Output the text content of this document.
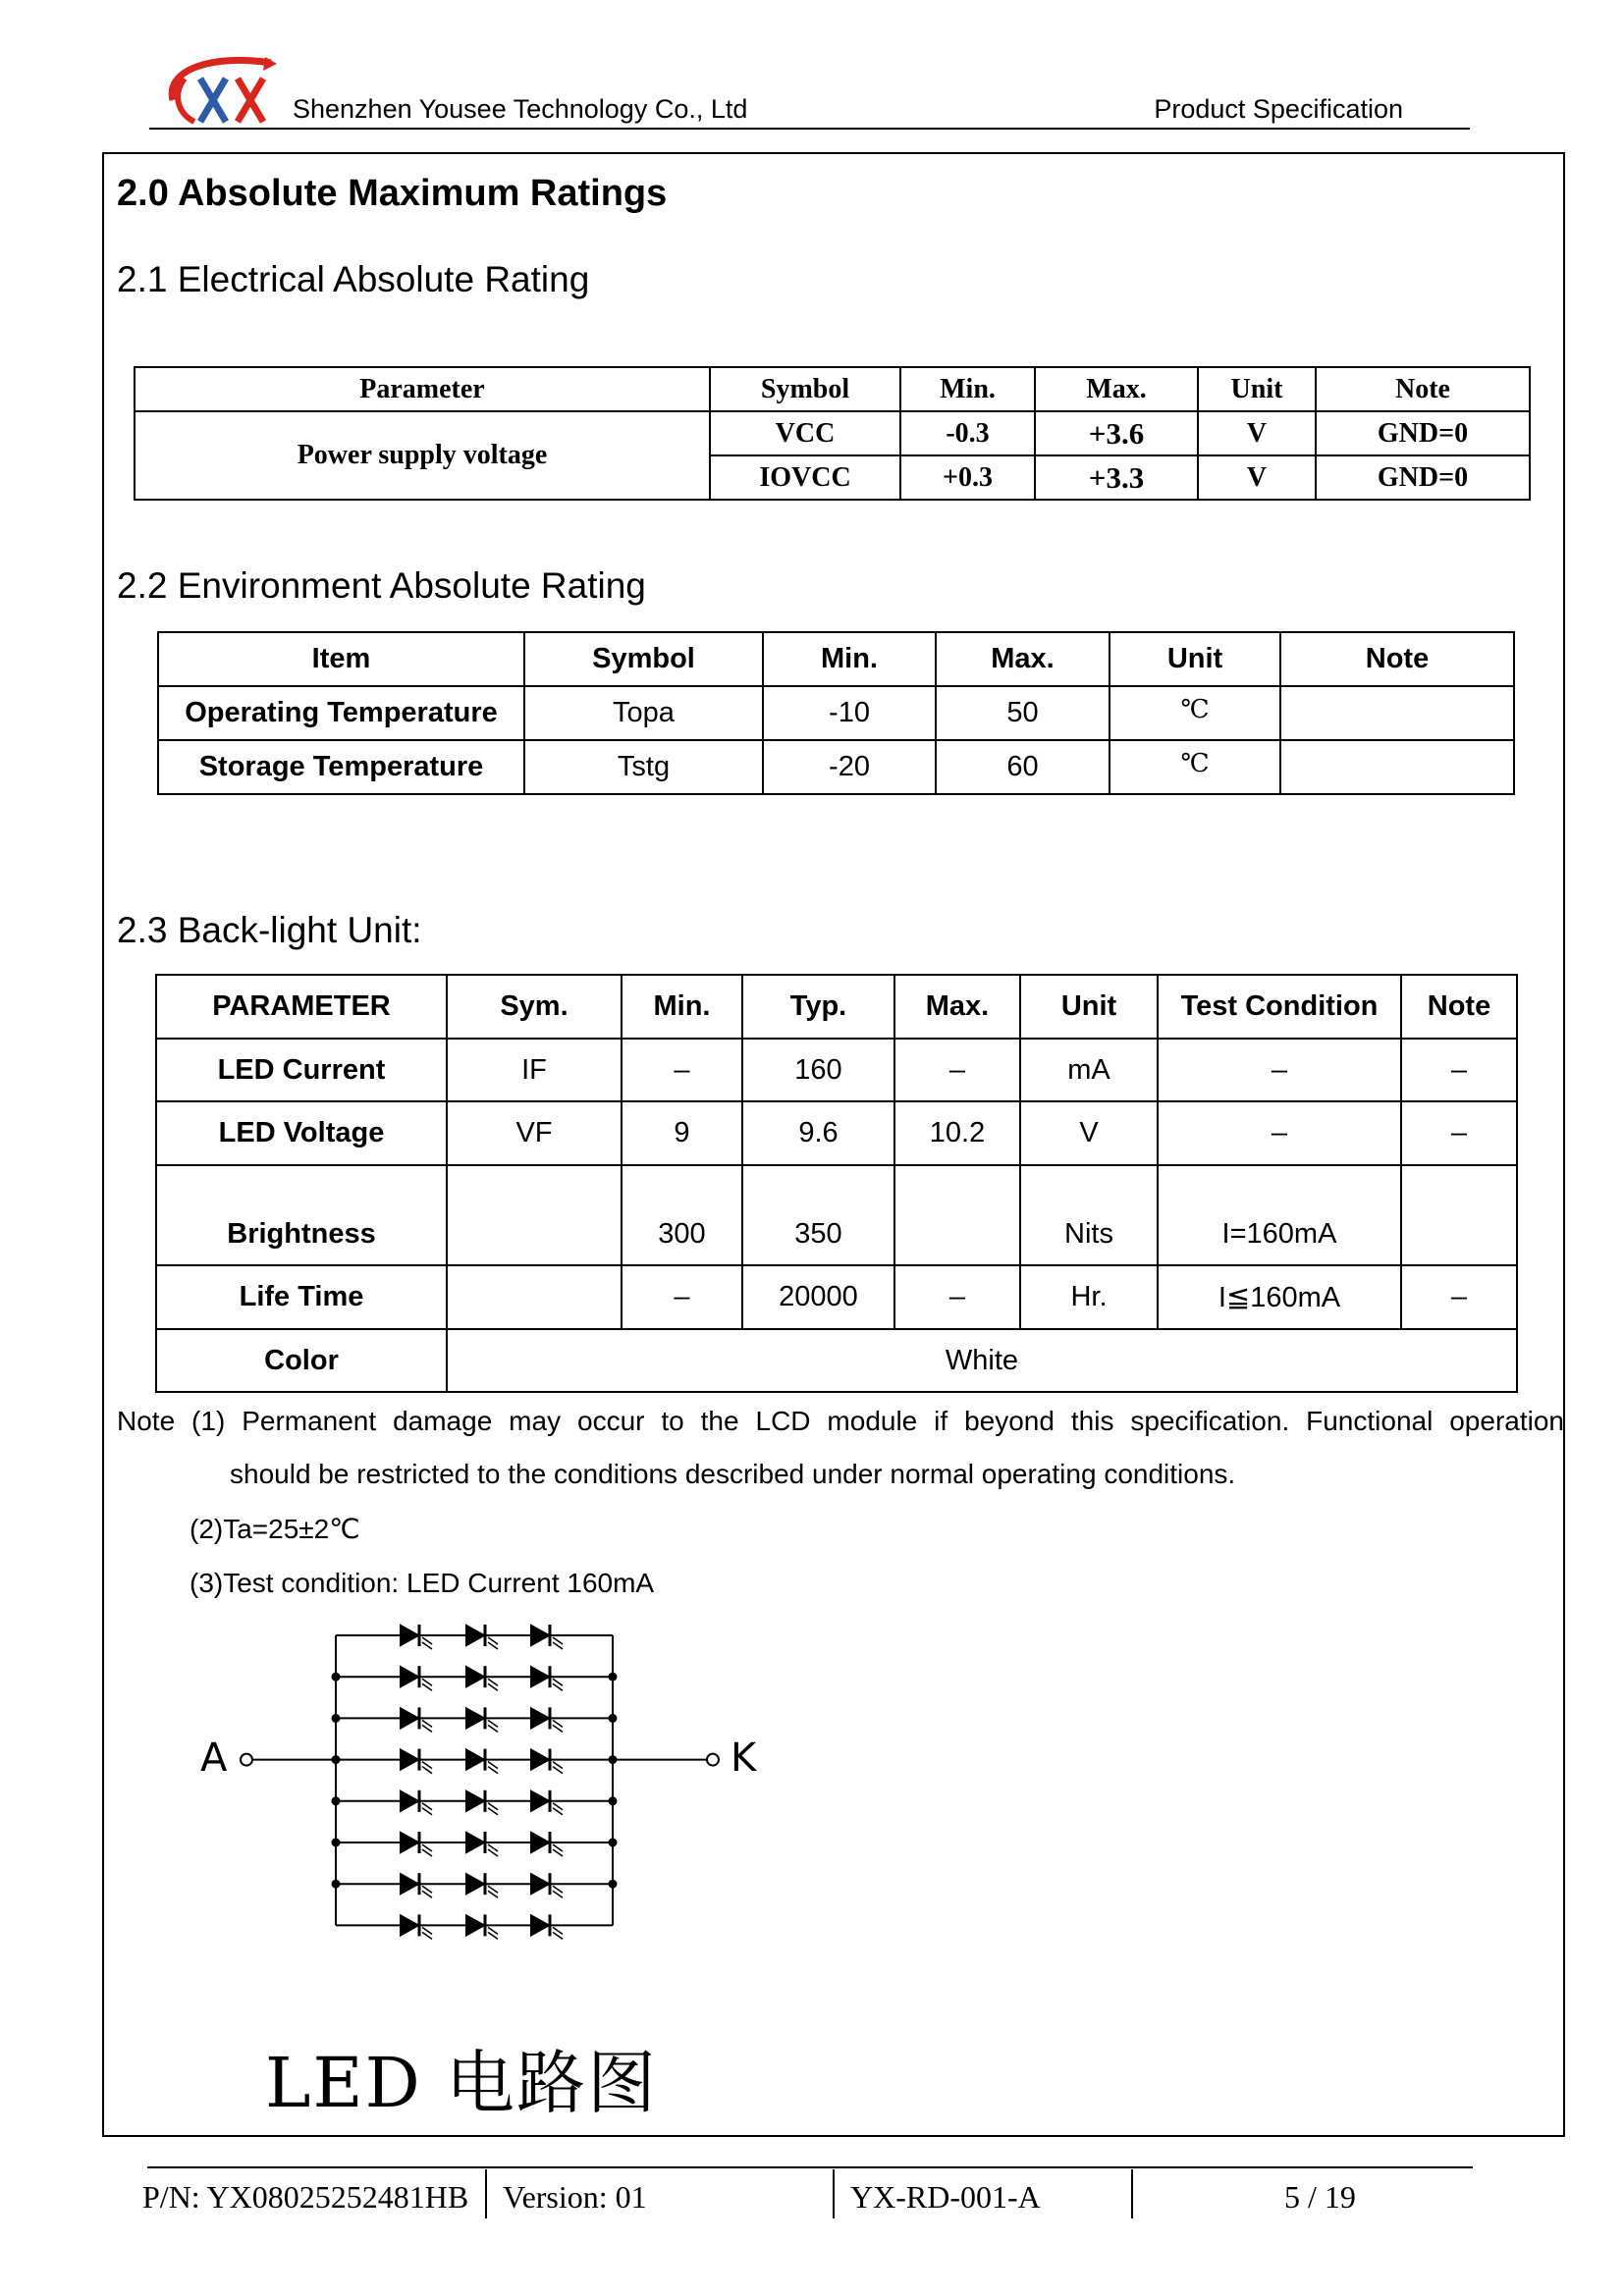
Shenzhen Yousee Technology Co., Ltd	Product Specification
2.0 Absolute Maximum Ratings
2.1 Electrical Absolute Rating
Parameter	Symbol	Min.	Max.	Unit	Note
Power supply voltage	VCC	-0.3	+3.6	V	GND=0
	IOVCC	+0.3	+3.3	V	GND=0
2.2 Environment Absolute Rating
Item	Symbol	Min.	Max.	Unit	Note
Operating Temperature	Topa	-10	50	℃	
Storage Temperature	Tstg	-20	60	℃	
2.3 Back-light Unit:
PARAMETER	Sym.	Min.	Typ.	Max.	Unit	Test Condition	Note
LED Current	IF	–	160	–	mA	–	–
LED Voltage	VF	9	9.6	10.2	V	–	–
Brightness		300	350		Nits	I=160mA	
Life Time		–	20000	–	Hr.	I≦160mA	–
Color	White						
Note (1) Permanent damage may occur to the LCD module if beyond this specification. Functional operation
should be restricted to the conditions described under normal operating conditions.
(2)Ta=25±2℃
(3)Test condition: LED Current 160mA
A	K
LED 电路图
P/N: YX08025252481HB Version: 01	YX-RD-001-A	5 / 19
